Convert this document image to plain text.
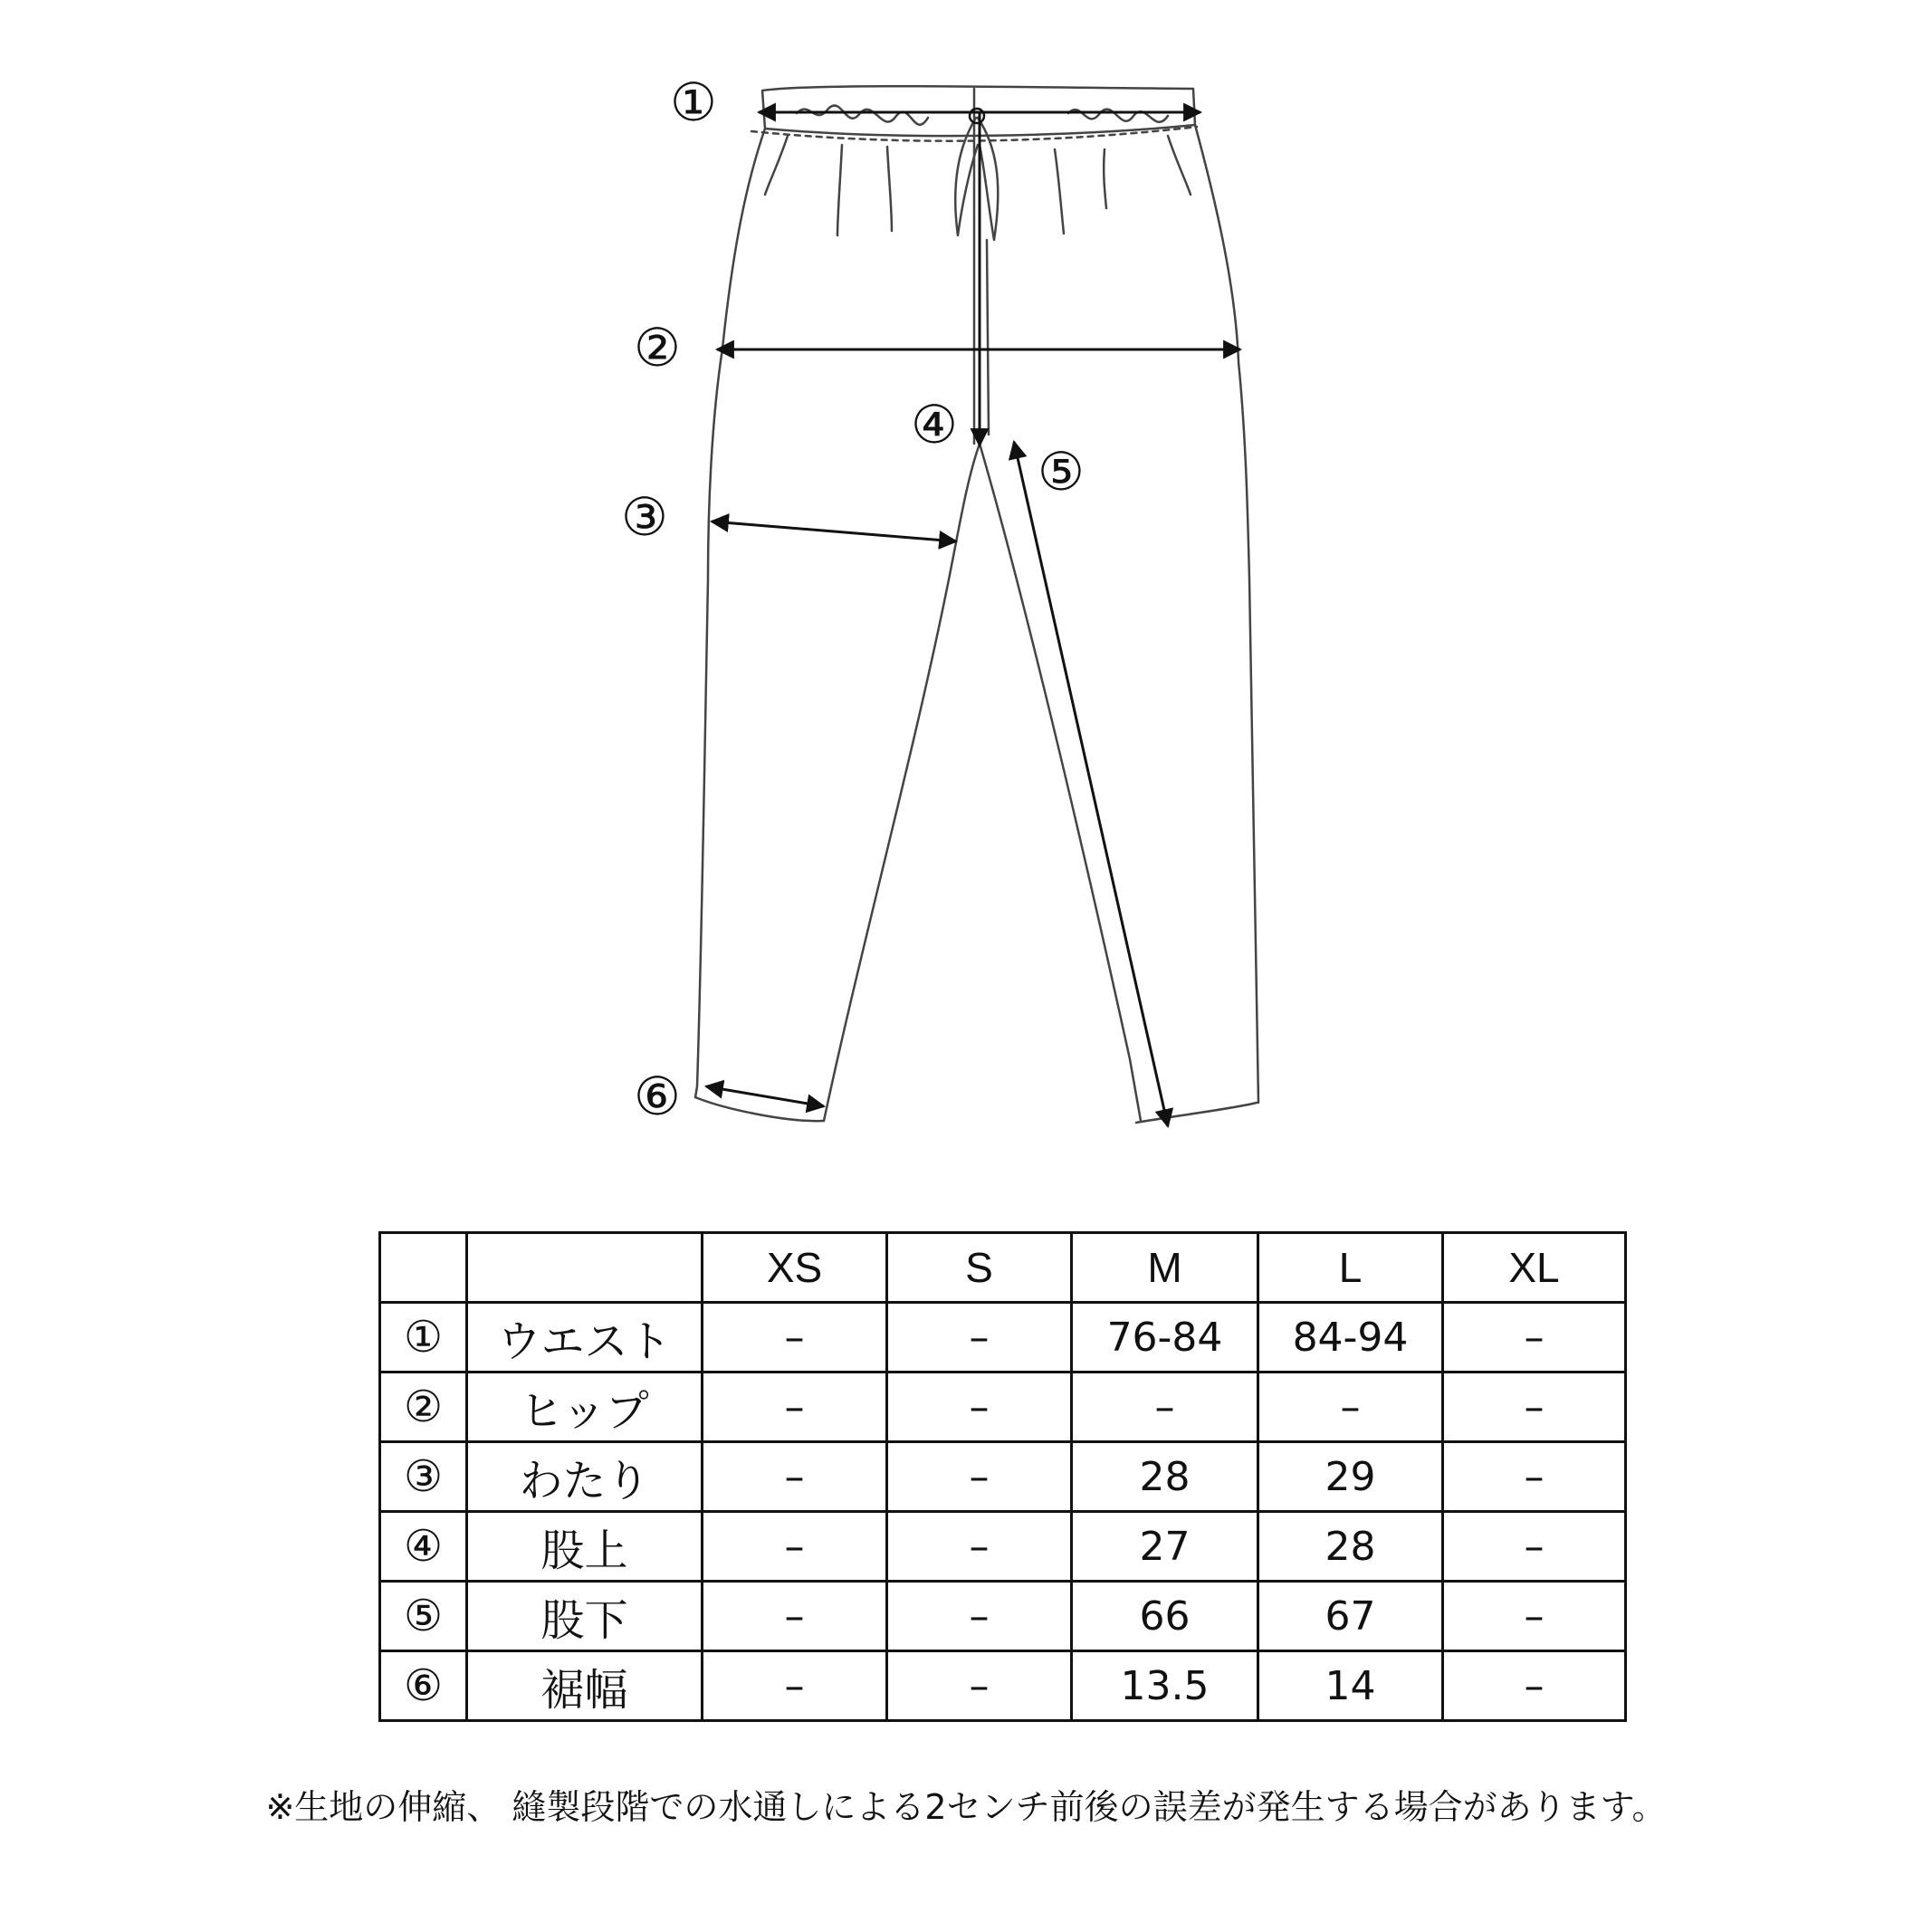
①
②
③
④
⑤
⑥
		XS	S	M	L	XL
①	ウエスト	–	–	76-84	84-94	–
②	ヒップ	–	–	–	–	–
③	わたり	–	–	28	29	–
④	股上	–	–	27	28	–
⑤	股下	–	–	66	67	–
⑥	裾幅	–	–	13.5	14	–
※生地の伸縮、 縫製段階での水通しによる2センチ前後の誤差が発生する場合があります。
